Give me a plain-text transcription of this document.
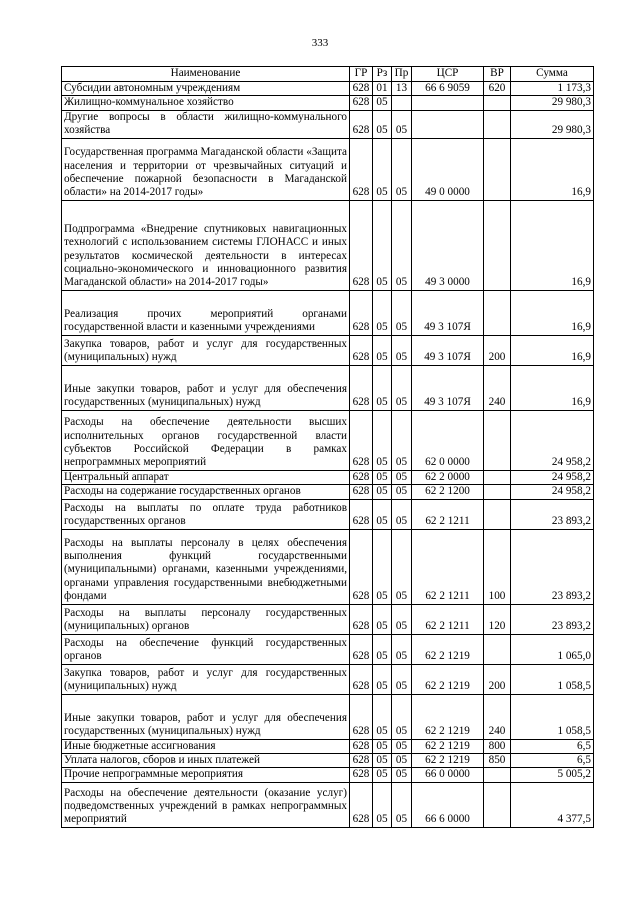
333
Наименование	ГР	Рз	Пр	ЦСР	ВР	Сумма
Субсидии автономным учреждениям	628	01	13	66 6 9059	620	1 173,3
Жилищно-коммунальное хозяйство	628	05				29 980,3
Другие вопросы в области жилищно-коммунального хозяйства	628	05	05			29 980,3
Государственная программа Магаданской области «Защита населения и территории от чрезвычайных ситуаций и обеспечение пожарной безопасности в Магаданской области» на 2014-2017 годы»	628	05	05	49 0 0000		16,9
Подпрограмма «Внедрение спутниковых навигационных технологий с использованием системы ГЛОНАСС и иных результатов космической деятельности в интересах социально-экономического и инновационного развития Магаданской области» на 2014-2017 годы»	628	05	05	49 3 0000		16,9
Реализация прочих мероприятий органами государственной власти и казенными учреждениями	628	05	05	49 3 107Я		16,9
Закупка товаров, работ и услуг для государственных (муниципальных) нужд	628	05	05	49 3 107Я	200	16,9
Иные закупки товаров, работ и услуг для обеспечения государственных (муниципальных) нужд	628	05	05	49 3 107Я	240	16,9
Расходы на обеспечение деятельности высших исполнительных органов государственной власти субъектов Российской Федерации в рамках непрограммных мероприятий	628	05	05	62 0 0000		24 958,2
Центральный аппарат	628	05	05	62 2 0000		24 958,2
Расходы на содержание государственных органов	628	05	05	62 2 1200		24 958,2
Расходы на выплаты по оплате труда работников государственных органов	628	05	05	62 2 1211		23 893,2
Расходы на выплаты персоналу в целях обеспечения выполнения функций государственными (муниципальными) органами, казенными учреждениями, органами управления государственными внебюджетными фондами	628	05	05	62 2 1211	100	23 893,2
Расходы на выплаты персоналу государственных (муниципальных) органов	628	05	05	62 2 1211	120	23 893,2
Расходы на обеспечение функций государственных органов	628	05	05	62 2 1219		1 065,0
Закупка товаров, работ и услуг для государственных (муниципальных) нужд	628	05	05	62 2 1219	200	1 058,5
Иные закупки товаров, работ и услуг для обеспечения государственных (муниципальных) нужд	628	05	05	62 2 1219	240	1 058,5
Иные бюджетные ассигнования	628	05	05	62 2 1219	800	6,5
Уплата налогов, сборов и иных платежей	628	05	05	62 2 1219	850	6,5
Прочие непрограммные мероприятия	628	05	05	66 0 0000		5 005,2
Расходы на обеспечение деятельности (оказание услуг) подведомственных учреждений в рамках непрограммных мероприятий	628	05	05	66 6 0000		4 377,5
